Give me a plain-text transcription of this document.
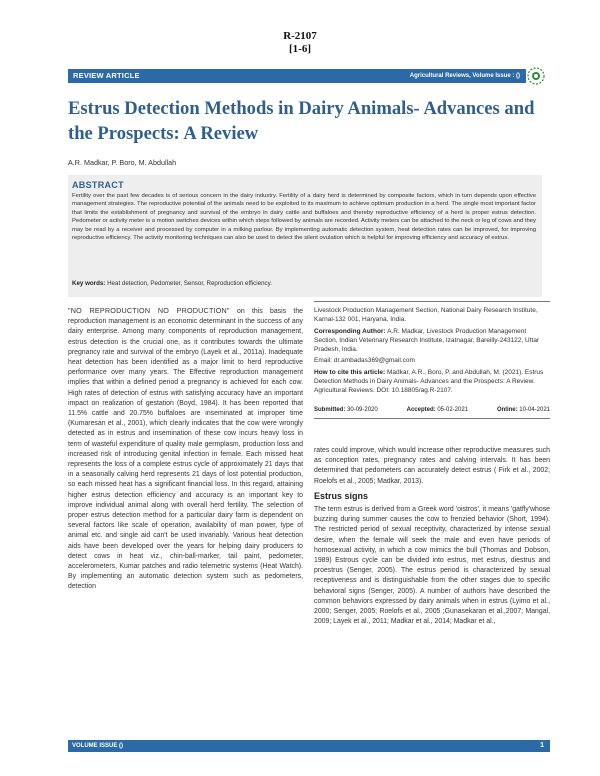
R-2107
[1-6]
REVIEW ARTICLE	Agricultural Reviews, Volume Issue : ()
Estrus Detection Methods in Dairy Animals- Advances and the Prospects: A Review
A.R. Madkar, P. Boro, M. Abdullah
ABSTRACT
Fertility over the past few decades is of serious concern in the dairy industry. Fertility of a dairy herd is determined by composite factors, which in turn depends upon effective management strategies. The reproductive potential of the animals need to be exploited to its maximum to achieve optimum production in a herd. The single most important factor that limits the establishment of pregnancy and survival of the embryo in dairy cattle and buffaloes and thereby reproductive efficiency of a herd is proper estrus detection. Pedometer or activity meter is a motion switches devices within which steps followed by animals are recorded. Activity meters can be attached to the neck or leg of cows and they may be read by a receiver and processed by computer in a milking parlour. By implementing automatic detection system, heat detection rates can be improved, for improving reproductive efficiency. The activity monitoring techniques can also be used to detect the silent ovulation which is helpful for improving efficiency and accuracy of estrus.
Key words: Heat detection, Pedometer, Sensor, Reproduction efficiency.
"NO REPRODUCTION NO PRODUCTION" on this basis the reproduction management is an economic determinant in the success of any dairy enterprise. Among many components of reproduction management, estrus detection is the crucial one, as it contributes towards the ultimate pregnancy rate and survival of the embryo (Layek et al., 2011a). Inadequate heat detection has been identified as a major limit to herd reproductive performance over many years. The Effective reproduction management implies that within a defined period a pregnancy is achieved for each cow. High rates of detection of estrus with satisfying accuracy have an important impact on realization of gestation (Boyd, 1984). It has been reported that 11.5% cattle and 20.75% buffaloes are inseminated at improper time (Kumaresan et al., 2001), which clearly indicates that the cow were wrongly detected as in estrus and insemination of these cow incurs heavy loss in term of wasteful expenditure of quality male germplasm, production loss and increased risk of introducing genital infection in female. Each missed heat represents the loss of a complete estrus cycle of approximately 21 days that in a seasonally calving herd represents 21 days of lost potential production, so each missed heat has a significant financial loss. In this regard, attaining higher estrus detection efficiency and accuracy is an important key to improve individual animal along with overall herd fertility. The selection of proper estrus detection method for a particular dairy farm is dependent on several factors like scale of operation, availability of man power, type of animal etc. and single aid can't be used invariably. Various heat detection aids have been developed over the years for helping dairy producers to detect cows in heat viz., chin-ball-marker, tail paint, pedometer, accelerometers, Kumar patches and radio telemetric systems (Heat Watch). By implementing an automatic detection system such as pedometers, detection

Livestock Production Management Section, National Dairy Research Institute, Karnal-132 001, Haryana, India.

Corresponding Author: A.R. Madkar, Livestock Production Management Section, Indian Veterinary Research Institute, Izatnagar, Bareilly-243122, Uttar Pradesh, India.

Email: dr.ambadas369@gmail.com

How to cite this article: Madkar, A.R., Boro, P. and Abdullah, M. (2021). Estrus Detection Methods in Dairy Animals- Advances and the Prospects: A Review. Agricultural Reviews. DOI: 10.18805/ag.R-2107.

Submitted: 30-09-2020	Accepted: 05-02-2021	Online: 10-04-2021

rates could improve, which would increase other reproductive measures such as conception rates, pregnancy rates and calving intervals. It has been determined that pedometers can accurately detect estrus ( Firk et al., 2002; Roelofs et al., 2005; Madkar, 2013).

Estrus signs

The term estrus is derived from a Greek word 'oistros', it means 'gatfly'whose buzzing during summer causes the cow to frenzied behavior (Short, 1994). The restricted period of sexual receptivity, characterized by intense sexual desire, when the female will seek the male and even have periods of homosexual activity, in which a cow mimics the bull (Thomas and Dobson, 1989) Estrous cycle can be divided into estrus, met estrus, diestrus and proestrus (Senger, 2005). The estrus period is characterized by sexual receptiveness and is distinguishable from the other stages due to specific behavioral signs (Senger, 2005). A number of authors have described the common behaviors expressed by dairy animals when in estrus (Lyimo et al., 2000; Senger, 2005; Roelofs et al., 2005 ;Gunasekaran et al.,2007; Mangal, 2009; Layek et al., 2011; Madkar et al., 2014; Madkar et al.,

VOLUME ISSUE ()	1
